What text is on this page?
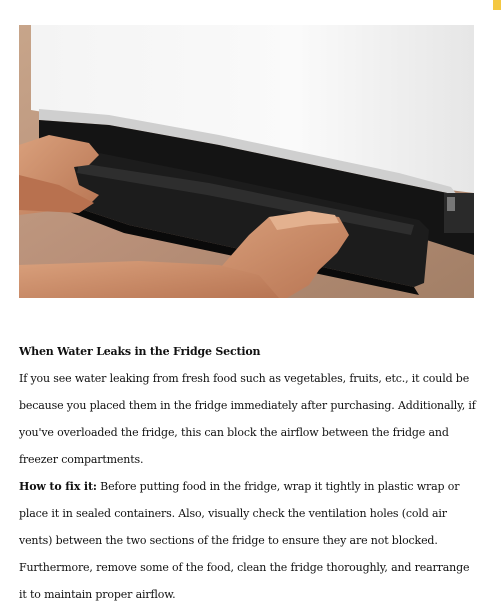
When Water Leaks in the Fridge Section

If you see water leaking from fresh food such as vegetables, fruits, etc., it could be because you placed them in the fridge immediately after purchasing. Additionally, if you've overloaded the fridge, this can block the airflow between the fridge and freezer compartments.

How to fix it: Before putting food in the fridge, wrap it tightly in plastic wrap or place it in sealed containers. Also, visually check the ventilation holes (cold air vents) between the two sections of the fridge to ensure they are not blocked. Furthermore, remove some of the food, clean the fridge thoroughly, and rearrange it to maintain proper airflow.
